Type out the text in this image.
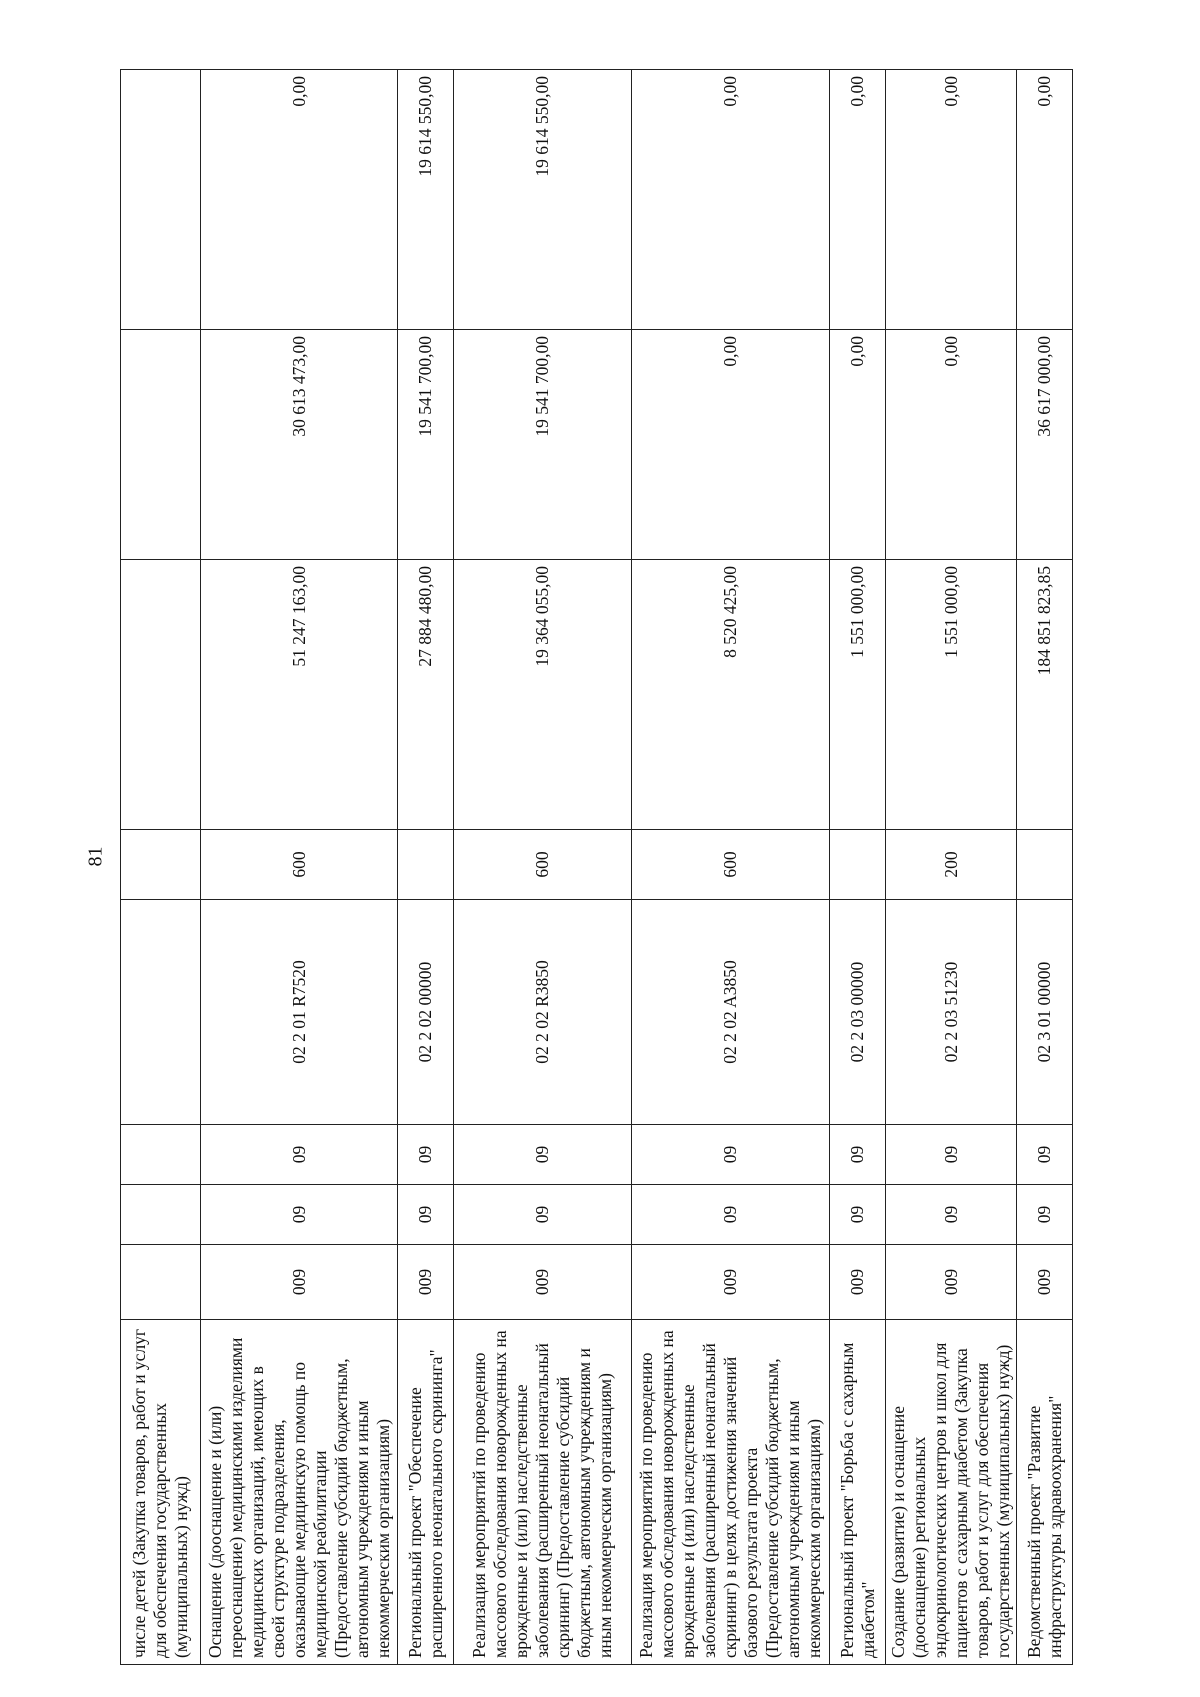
81
числе детей (Закупка товаров, работ и услуг для обеспечения государственных (муниципальных) нужд)								
Оснащение (дооснащение и (или) переоснащение) медицинскими изделиями медицинских организаций, имеющих в своей структуре подразделения, оказывающие медицинскую помощь по медицинской реабилитации (Предоставление субсидий бюджетным, автономным учреждениям и иным некоммерческим организациям)	009	09	09	02 2 01 R7520	600	51 247 163,00	30 613 473,00	0,00
Региональный проект "Обеспечение расширенного неонатального скрининга"	009	09	09	02 2 02 00000		27 884 480,00	19 541 700,00	19 614 550,00
Реализация мероприятий по проведению массового обследования новорожденных на врожденные и (или) наследственные заболевания (расширенный неонатальный скрининг) (Предоставление субсидий бюджетным, автономным учреждениям и иным некоммерческим организациям)	009	09	09	02 2 02 R3850	600	19 364 055,00	19 541 700,00	19 614 550,00
Реализация мероприятий по проведению массового обследования новорожденных на врожденные и (или) наследственные заболевания (расширенный неонатальный скрининг) в целях достижения значений базового результата проекта (Предоставление субсидий бюджетным, автономным учреждениям и иным некоммерческим организациям)	009	09	09	02 2 02 A3850	600	8 520 425,00	0,00	0,00
Региональный проект "Борьба с сахарным диабетом"	009	09	09	02 2 03 00000		1 551 000,00	0,00	0,00
Создание (развитие) и оснащение (дооснащение) региональных эндокринологических центров и школ для пациентов с сахарным диабетом (Закупка товаров, работ и услуг для обеспечения государственных (муниципальных) нужд)	009	09	09	02 2 03 51230	200	1 551 000,00	0,00	0,00
Ведомственный проект "Развитие инфраструктуры здравоохранения"	009	09	09	02 3 01 00000		184 851 823,85	36 617 000,00	0,00
